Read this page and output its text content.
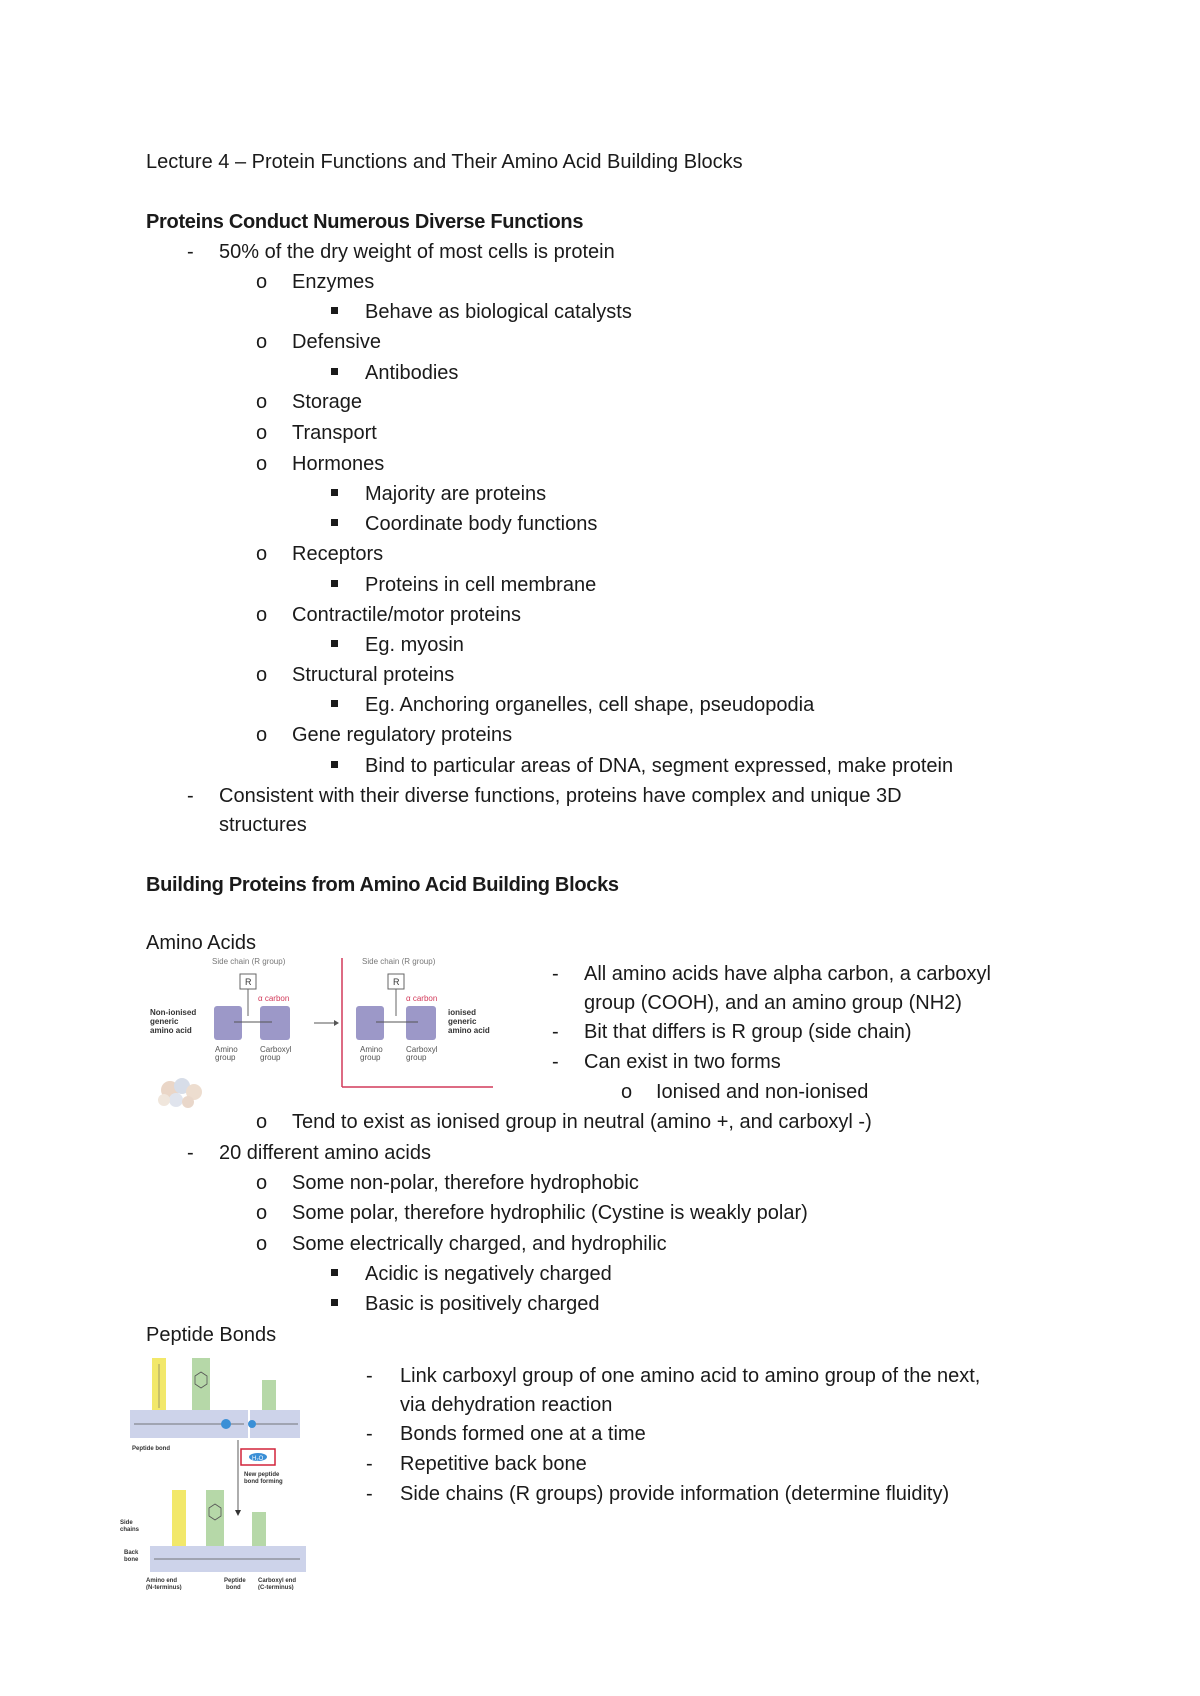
Lecture 4 – Protein Functions and Their Amino Acid Building Blocks
Proteins Conduct Numerous Diverse Functions
- 50% of the dry weight of most cells is protein
o Enzymes
Behave as biological catalysts
o Defensive
Antibodies
o Storage
o Transport
o Hormones
Majority are proteins
Coordinate body functions
o Receptors
Proteins in cell membrane
o Contractile/motor proteins
Eg. myosin
o Structural proteins
Eg. Anchoring organelles, cell shape, pseudopodia
o Gene regulatory proteins
Bind to particular areas of DNA, segment expressed, make protein
- Consistent with their diverse functions, proteins have complex and unique 3D
structures
Building Proteins from Amino Acid Building Blocks
Amino Acids
Side chain (R group)
R
α carbon
Non-ionised
generic
amino acid
Amino
group
Carboxyl
group
Side chain (R group)
R
α carbon
ionised
generic
amino acid
Amino
group
Carboxyl
group
- All amino acids have alpha carbon, a carboxyl
group (COOH), and an amino group (NH2)
- Bit that differs is R group (side chain)
- Can exist in two forms
o Ionised and non-ionised
o Tend to exist as ionised group in neutral (amino +, and carboxyl -)
- 20 different amino acids
o Some non-polar, therefore hydrophobic
o Some polar, therefore hydrophilic (Cystine is weakly polar)
o Some electrically charged, and hydrophilic
Acidic is negatively charged
Basic is positively charged
Peptide Bonds
Peptide bond
H₂O
New peptide
bond forming
Side
chains
Back
bone
Amino end
(N-terminus)
Peptide
bond
Carboxyl end
(C-terminus)
- Link carboxyl group of one amino acid to amino group of the next,
via dehydration reaction
- Bonds formed one at a time
- Repetitive back bone
- Side chains (R groups) provide information (determine fluidity)
